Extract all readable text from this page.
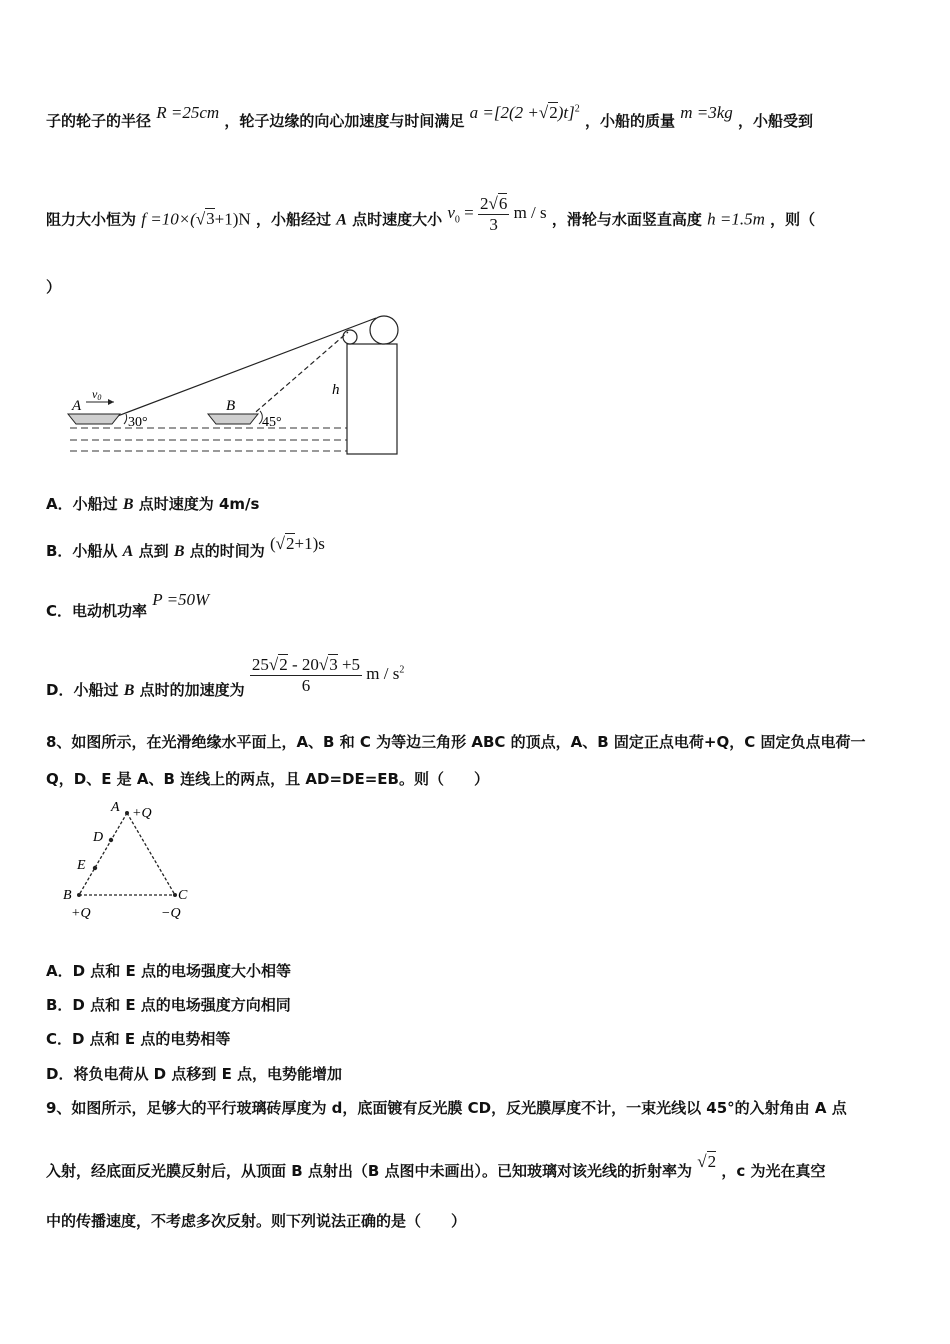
子的轮子的半径 R =25cm ，轮子边缘的向心加速度与时间满足 $a =[2(2 +√2)t]^2$ ，小船的质量 m =3kg ，小船受到
阻力大小恒为 f =10×(√3+1)N ，小船经过 A 点时速度大小 $v_0 = \frac{2√6}{3}$ m / s ，滑轮与水面竖直高度 h =1.5m ，则（
）
A
v0
B
30°	45°
h
A．小船过 B 点时速度为 4m/s
B．小船从 A 点到 B 点的时间为 (√2+1)s
C．电动机功率 P =50W
D．小船过 B 点时的加速度为 $\frac{25√2 - 20√3 +5}{6}$ m / $s^2$
8、如图所示，在光滑绝缘水平面上，A、B 和 C 为等边三角形 ABC 的顶点，A、B 固定正点电荷+Q，C 固定负点电荷一
Q，D、E 是 A、B 连线上的两点，且 AD=DE=EB。则（　　）
A +Q
D
E
B
+Q
C
−Q
A．D 点和 E 点的电场强度大小相等
B．D 点和 E 点的电场强度方向相同
C．D 点和 E 点的电势相等
D．将负电荷从 D 点移到 E 点，电势能增加
9、如图所示，足够大的平行玻璃砖厚度为 d，底面镀有反光膜 CD，反光膜厚度不计，一束光线以 45°的入射角由 A 点
入射，经底面反光膜反射后，从顶面 B 点射出（B 点图中未画出）。已知玻璃对该光线的折射率为 √2 ，c 为光在真空
中的传播速度，不考虑多次反射。则下列说法正确的是（　　）
